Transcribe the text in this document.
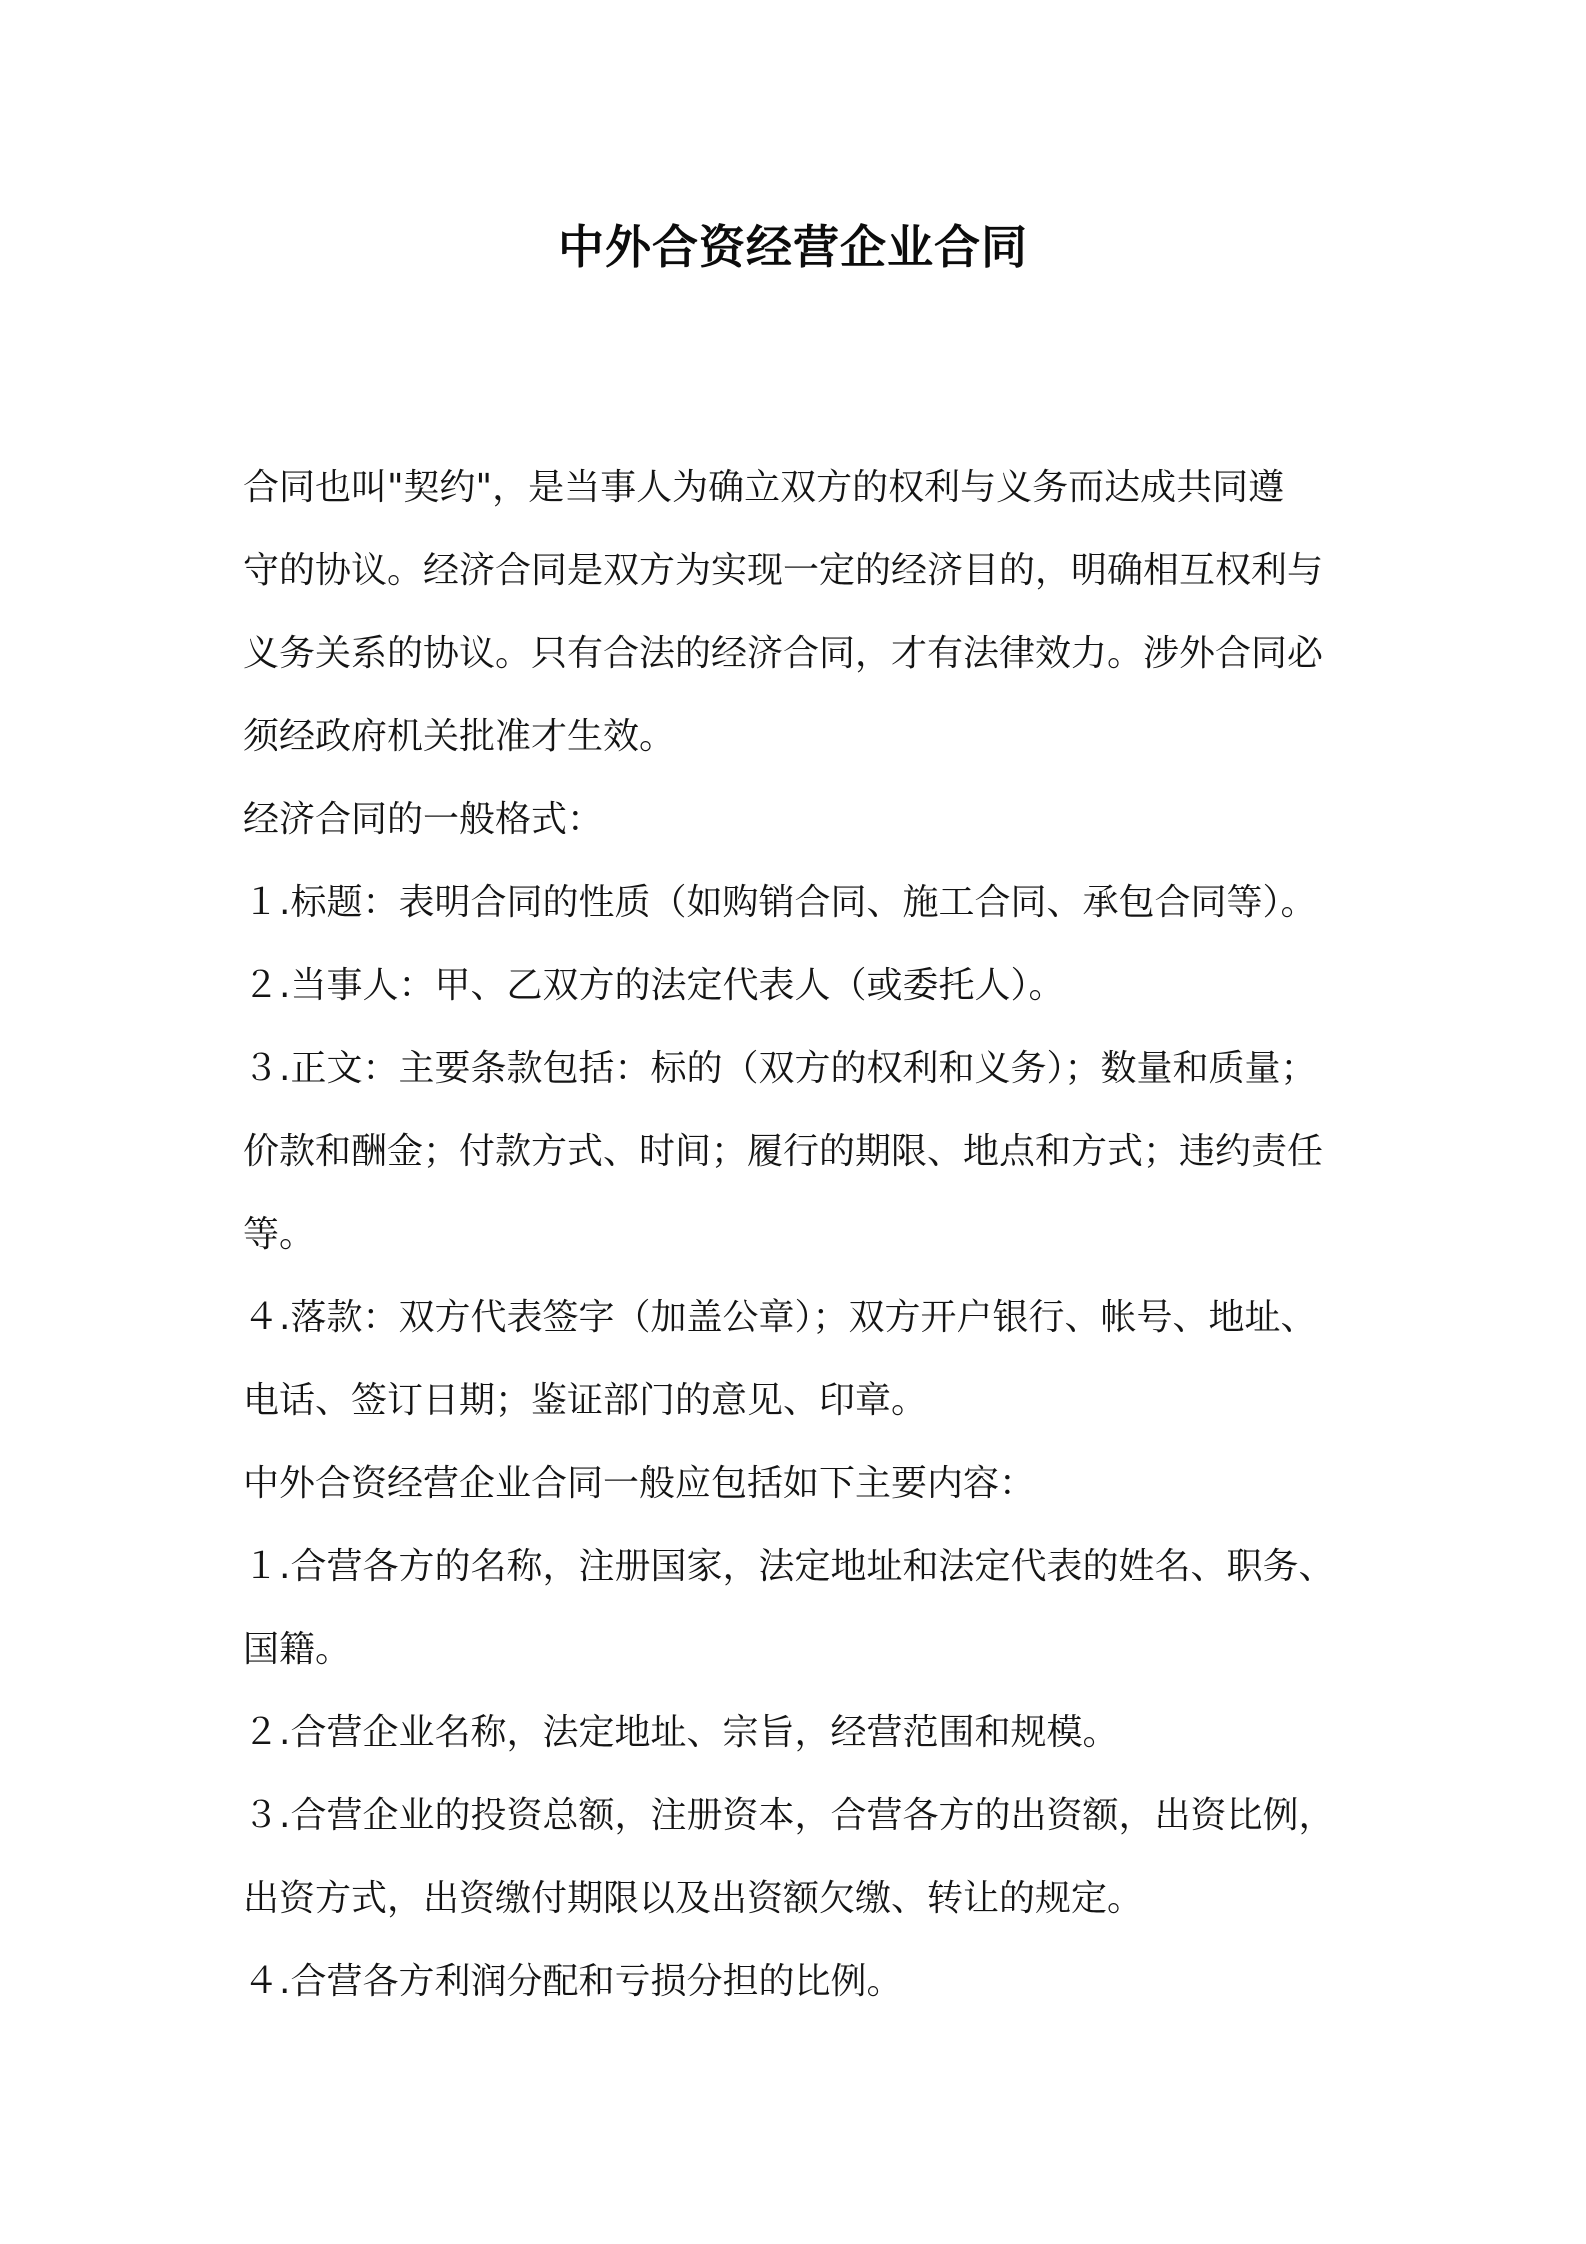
中外合资经营企业合同
合同也叫"契约"，是当事人为确立双方的权利与义务而达成共同遵
守的协议。经济合同是双方为实现一定的经济目的，明确相互权利与
义务关系的协议。只有合法的经济合同，才有法律效力。涉外合同必
须经政府机关批准才生效。
经济合同的一般格式：
１.标题：表明合同的性质（如购销合同、施工合同、承包合同等）。
２.当事人：甲、乙双方的法定代表人（或委托人）。
３.正文：主要条款包括：标的（双方的权利和义务）；数量和质量；
价款和酬金；付款方式、时间；履行的期限、地点和方式；违约责任
等。
４.落款：双方代表签字（加盖公章）；双方开户银行、帐号、地址、
电话、签订日期；鉴证部门的意见、印章。
中外合资经营企业合同一般应包括如下主要内容：
１.合营各方的名称，注册国家，法定地址和法定代表的姓名、职务、
国籍。
２.合营企业名称，法定地址、宗旨，经营范围和规模。
３.合营企业的投资总额，注册资本，合营各方的出资额，出资比例，
出资方式，出资缴付期限以及出资额欠缴、转让的规定。
４.合营各方利润分配和亏损分担的比例。
